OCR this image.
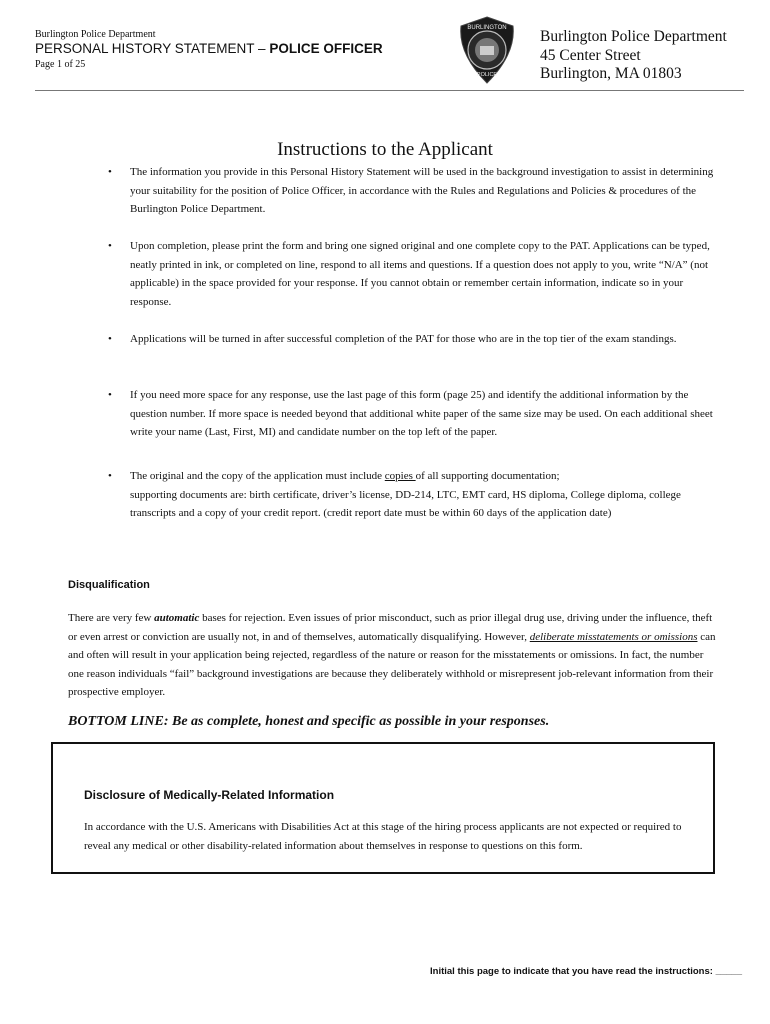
Burlington Police Department
PERSONAL HISTORY STATEMENT – POLICE OFFICER
Page 1 of 25
BURLINGTON
POLICE
Burlington Police Department
45 Center Street
Burlington, MA 01803
Instructions to the Applicant
• The information you provide in this Personal History Statement will be used in the background investigation to assist in determining your suitability for the position of Police Officer, in accordance with the Rules and Regulations and Policies & procedures of the Burlington Police Department.
• Upon completion, please print the form and bring one signed original and one complete copy to the PAT. Applications can be typed, neatly printed in ink, or completed on line, respond to all items and questions. If a question does not apply to you, write “N/A” (not applicable) in the space provided for your response. If you cannot obtain or remember certain information, indicate so in your response.
• Applications will be turned in after successful completion of the PAT for those who are in the top tier of the exam standings.
• If you need more space for any response, use the last page of this form (page 25) and identify the additional information by the question number. If more space is needed beyond that additional white paper of the same size may be used. On each additional sheet write your name (Last, First, MI) and candidate number on the top left of the paper.
• The original and the copy of the application must include copies of all supporting documentation;
supporting documents are: birth certificate, driver’s license, DD-214, LTC, EMT card, HS diploma, College diploma, college transcripts and a copy of your credit report. (credit report date must be within 60 days of the application date)
Disqualification
There are very few automatic bases for rejection. Even issues of prior misconduct, such as prior illegal drug use, driving under the influence, theft or even arrest or conviction are usually not, in and of themselves, automatically disqualifying. However, deliberate misstatements or omissions can and often will result in your application being rejected, regardless of the nature or reason for the misstatements or omissions. In fact, the number one reason individuals “fail” background investigations are because they deliberately withhold or misrepresent job-relevant information from their prospective employer.
BOTTOM LINE: Be as complete, honest and specific as possible in your responses.
Disclosure of Medically-Related Information
In accordance with the U.S. Americans with Disabilities Act at this stage of the hiring process applicants are not expected or required to reveal any medical or other disability-related information about themselves in response to questions on this form.
Initial this page to indicate that you have read the instructions: _____
